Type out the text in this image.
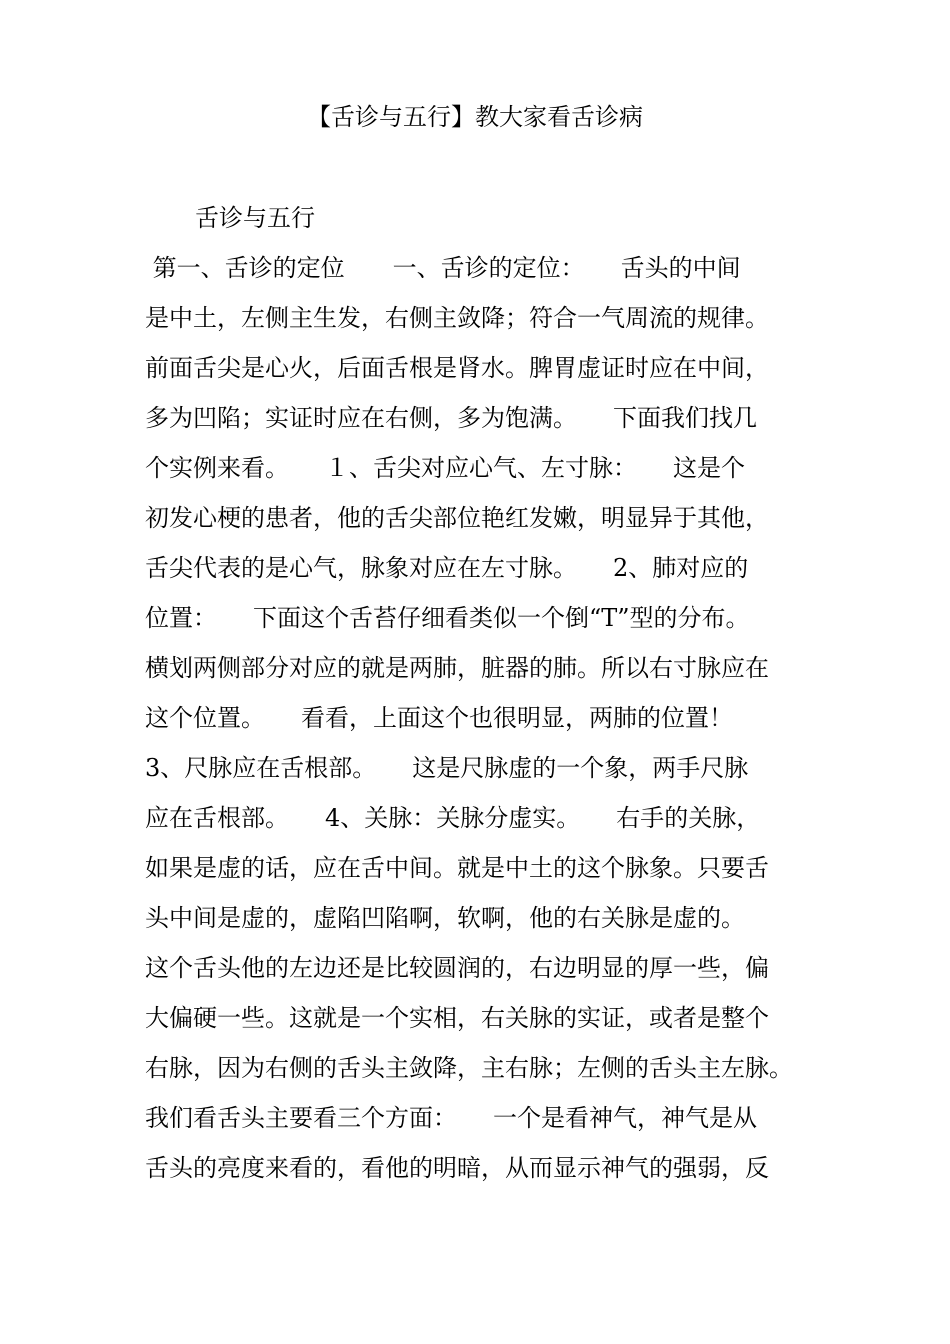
【舌诊与五行】教大家看舌诊病
舌诊与五行
第一、舌诊的定位　　一、舌诊的定位：　　舌头的中间
是中土，左侧主生发，右侧主敛降；符合一气周流的规律。
前面舌尖是心火，后面舌根是肾水。脾胃虚证时应在中间，
多为凹陷；实证时应在右侧，多为饱满。　　下面我们找几
个实例来看。　　１、舌尖对应心气、左寸脉：　　这是个
初发心梗的患者，他的舌尖部位艳红发嫩，明显异于其他，
舌尖代表的是心气，脉象对应在左寸脉。　　2、肺对应的
位置：　　下面这个舌苔仔细看类似一个倒“T”型的分布。
横划两侧部分对应的就是两肺，脏器的肺。所以右寸脉应在
这个位置。　　看看，上面这个也很明显，两肺的位置！
3、尺脉应在舌根部。　　这是尺脉虚的一个象，两手尺脉
应在舌根部。　　4、关脉：关脉分虚实。　　右手的关脉，
如果是虚的话，应在舌中间。就是中土的这个脉象。只要舌
头中间是虚的，虚陷凹陷啊，软啊，他的右关脉是虚的。
这个舌头他的左边还是比较圆润的，右边明显的厚一些，偏
大偏硬一些。这就是一个实相，右关脉的实证，或者是整个
右脉，因为右侧的舌头主敛降，主右脉；左侧的舌头主左脉。
我们看舌头主要看三个方面：　　一个是看神气，神气是从
舌头的亮度来看的，看他的明暗，从而显示神气的强弱，反
